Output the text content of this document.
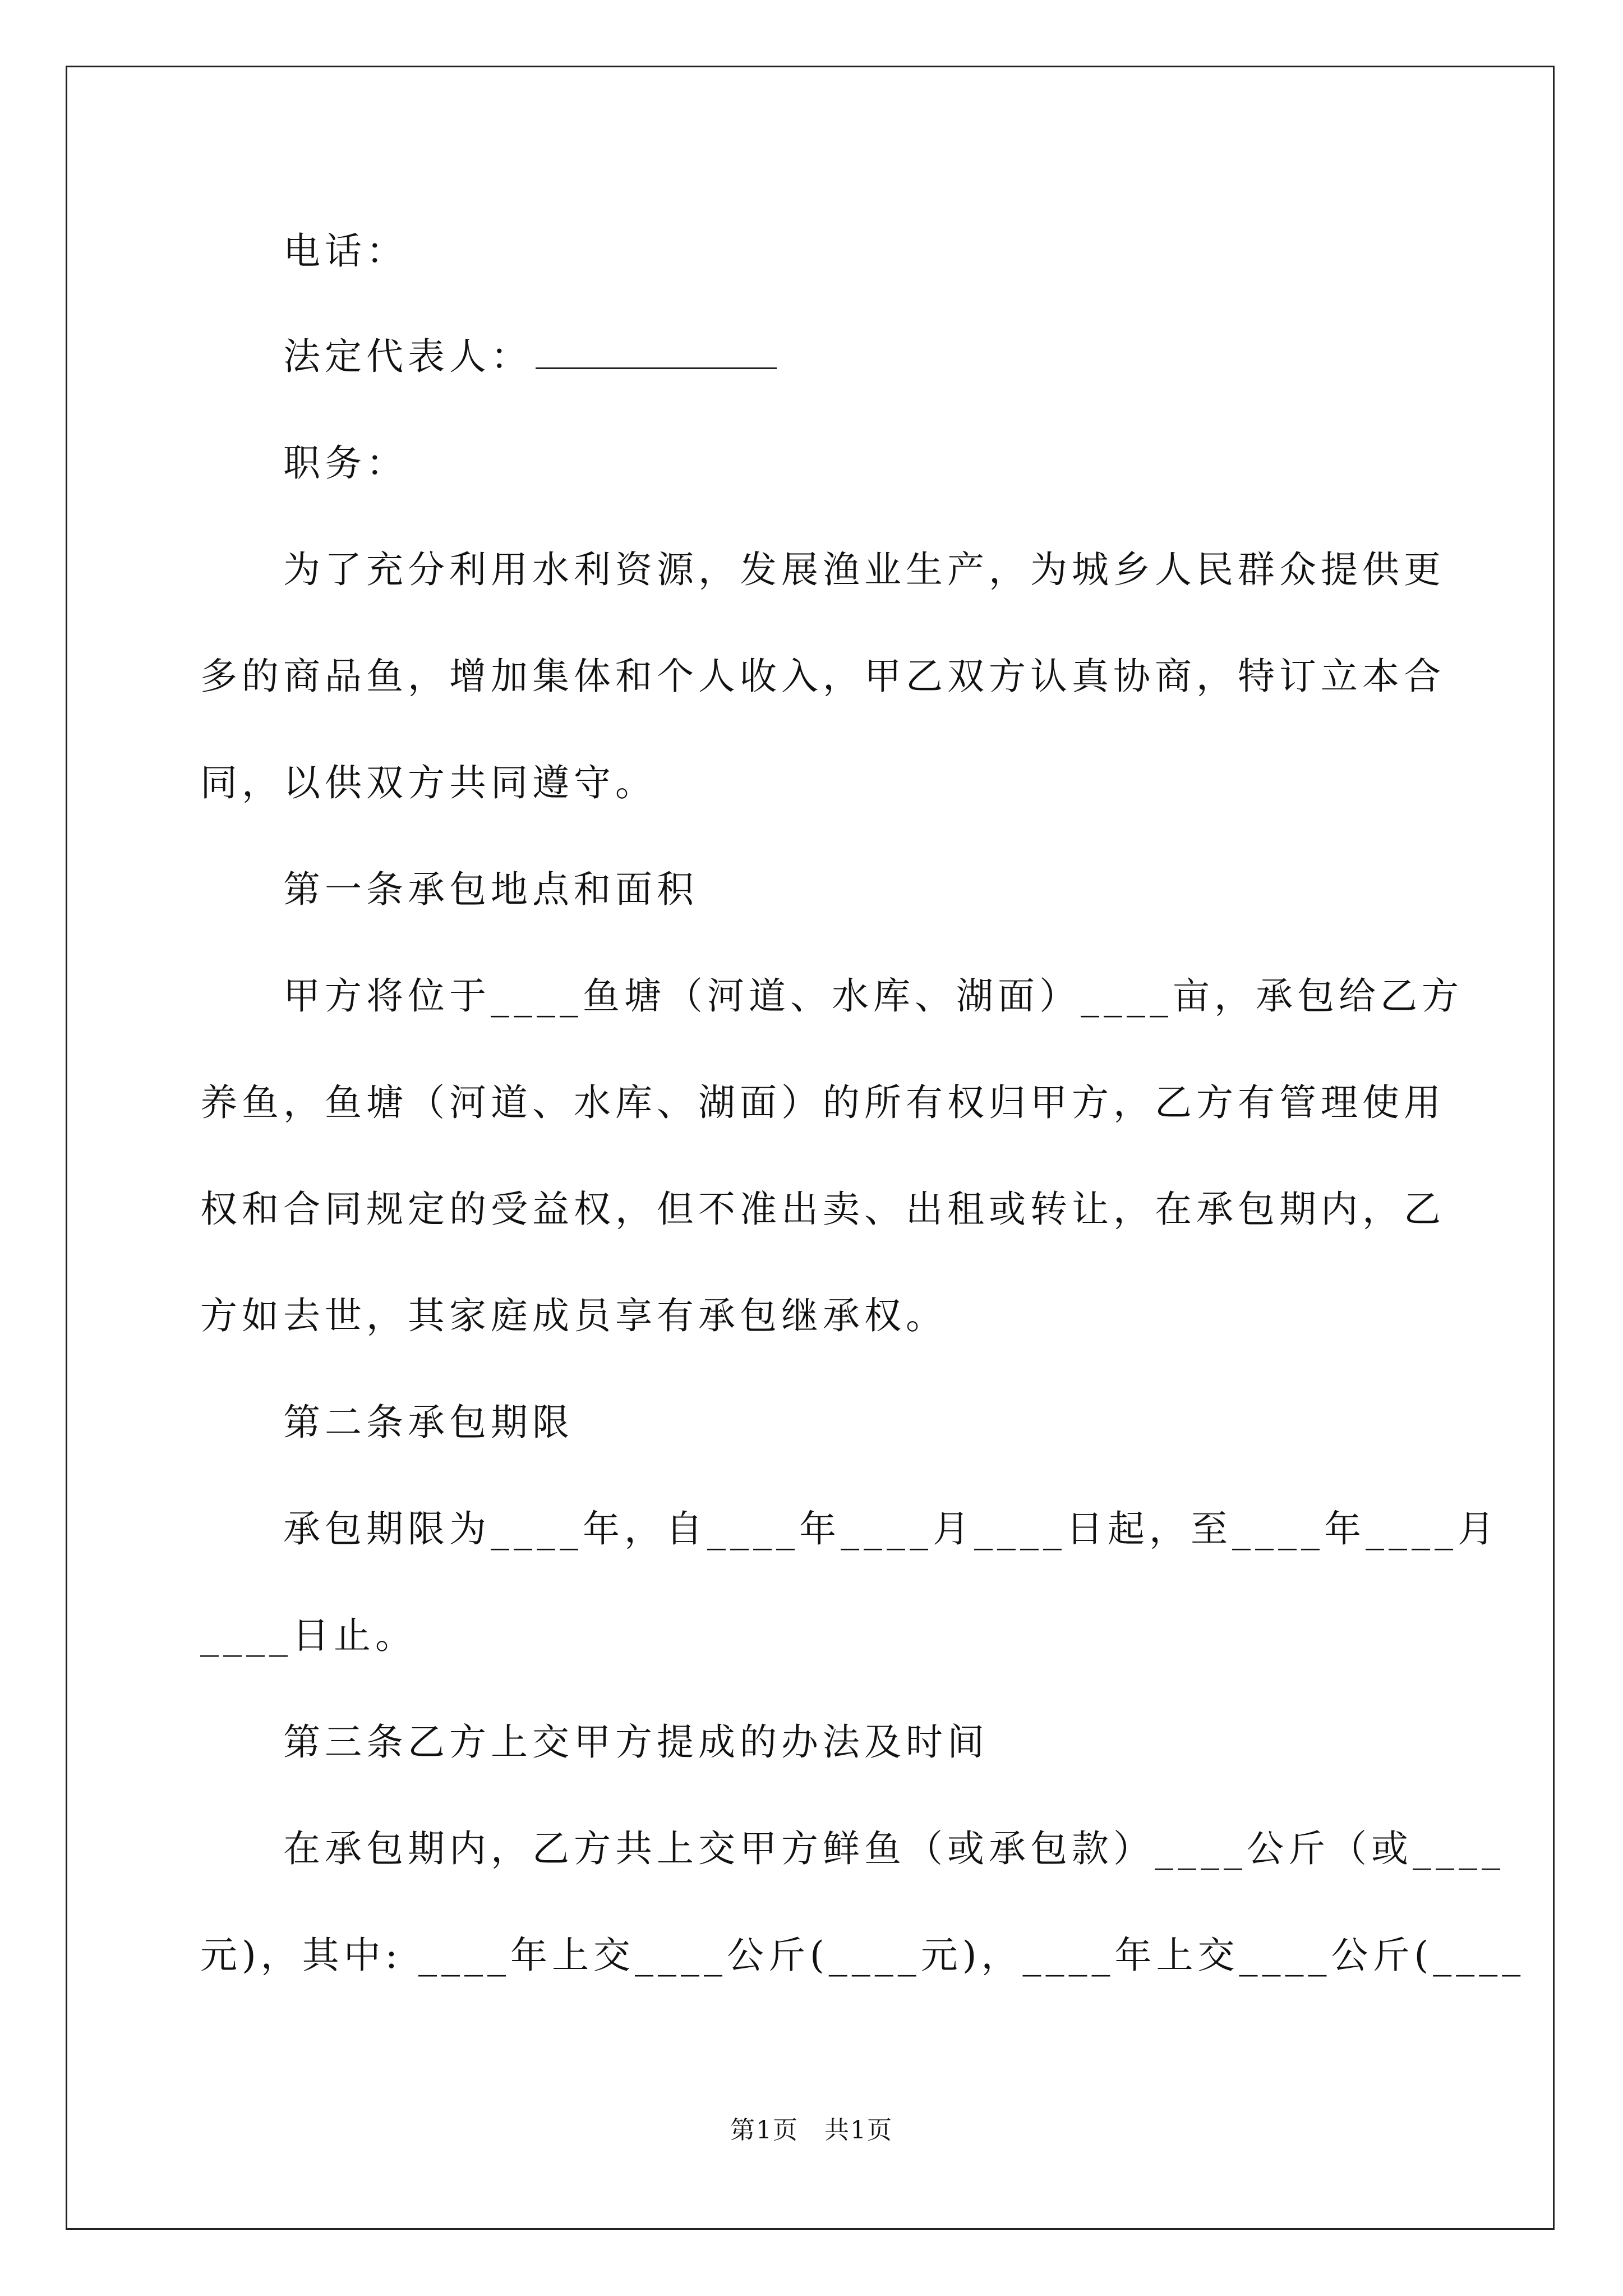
电话：
法定代表人：
职务：
为了充分利用水利资源，发展渔业生产，为城乡人民群众提供更
多的商品鱼，增加集体和个人收入，甲乙双方认真协商，特订立本合
同，以供双方共同遵守。
第一条承包地点和面积
甲方将位于____鱼塘（河道、水库、湖面）____亩，承包给乙方
养鱼，鱼塘（河道、水库、湖面）的所有权归甲方，乙方有管理使用
权和合同规定的受益权，但不准出卖、出租或转让，在承包期内，乙
方如去世，其家庭成员享有承包继承权。
第二条承包期限
承包期限为____年，自____年____月____日起，至____年____月
____日止。
第三条乙方上交甲方提成的办法及时间
在承包期内，乙方共上交甲方鲜鱼（或承包款）____公斤（或____
元)，其中: ____年上交____公斤(____元)，____年上交____公斤(____
第1页　共1页
